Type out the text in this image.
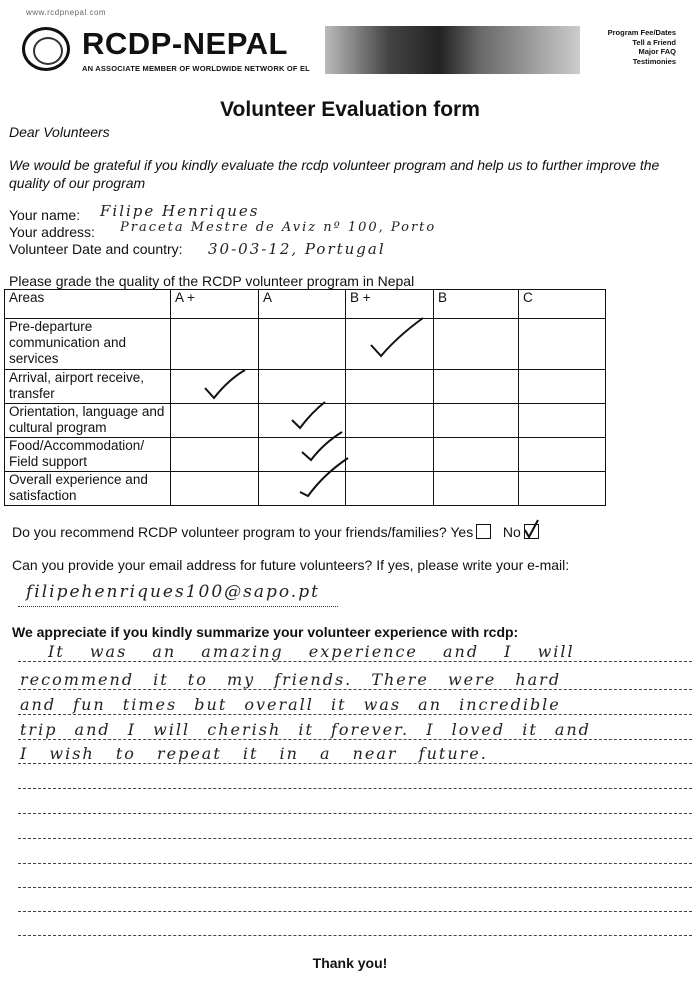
www.rcdpnepal.com
RCDP-NEPAL
AN ASSOCIATE MEMBER OF WORLDWIDE NETWORK OF EL
Program Fee/Dates
Tell a Friend
Major FAQ
Testimonies
Volunteer Evaluation form
Dear Volunteers
We would be grateful if you kindly evaluate the rcdp volunteer program and help us to further improve the quality of our program
Your name: Filipe Henriques
Your address: Praceta Mestre de Aviz nº 100, Porto
Volunteer Date and country: 30-03-12, Portugal
Please grade the quality of the RCDP volunteer program in Nepal
Areas	A +	A	B +	B	C
Pre-departure communication and services					
Arrival, airport receive, transfer					
Orientation, language and cultural program					
Food/Accommodation/ Field support					
Overall experience and satisfaction					
Do you recommend RCDP volunteer program to your friends/families? Yes No
Can you provide your email address for future volunteers? If yes, please write your e-mail:
filipehenriques100@sapo.pt
We appreciate if you kindly summarize your volunteer experience with rcdp:
It was an amazing experience and I will
recommend it to my friends. There were hard
and fun times but overall it was an incredible
trip and I will cherish it forever. I loved it and
I wish to repeat it in a near future.
Thank you!
